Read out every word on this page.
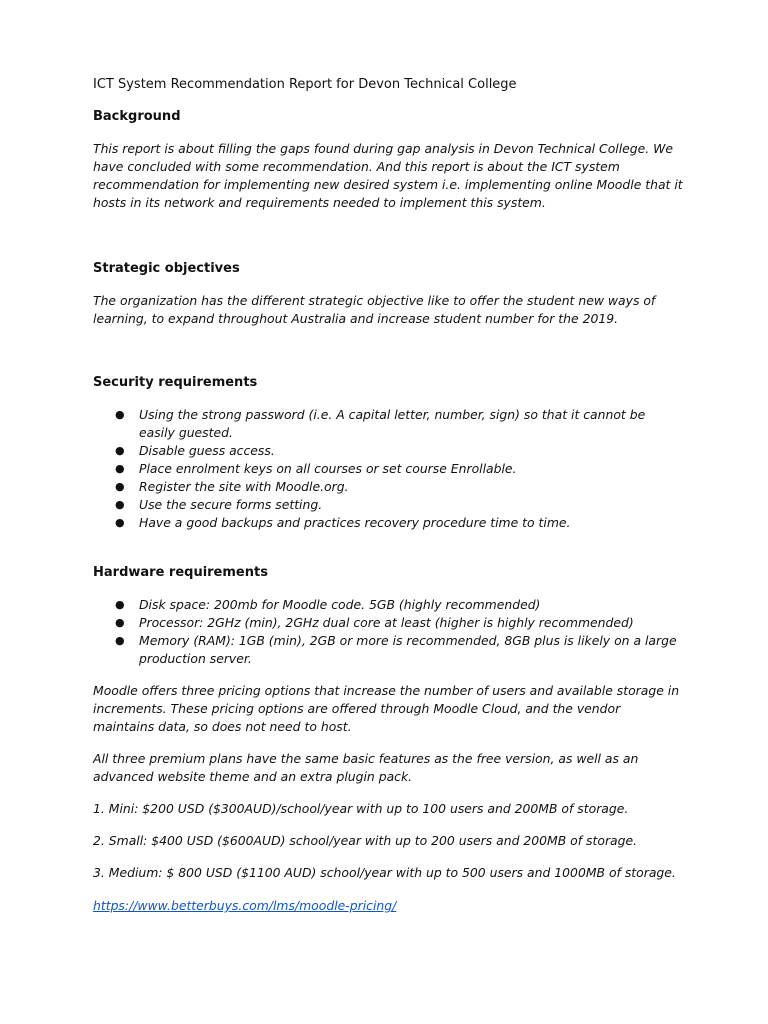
ICT System Recommendation Report for Devon Technical College

Background

This report is about filling the gaps found during gap analysis in Devon Technical College. We have concluded with some recommendation. And this report is about the ICT system recommendation for implementing new desired system i.e. implementing online Moodle that it hosts in its network and requirements needed to implement this system.

Strategic objectives

The organization has the different strategic objective like to offer the student new ways of learning, to expand throughout Australia and increase student number for the 2019.

Security requirements

● Using the strong password (i.e. A capital letter, number, sign) so that it cannot be easily guested.
● Disable guess access.
● Place enrolment keys on all courses or set course Enrollable.
● Register the site with Moodle.org.
● Use the secure forms setting.
● Have a good backups and practices recovery procedure time to time.

Hardware requirements

● Disk space: 200mb for Moodle code. 5GB (highly recommended)
● Processor: 2GHz (min), 2GHz dual core at least (higher is highly recommended)
● Memory (RAM): 1GB (min), 2GB or more is recommended, 8GB plus is likely on a large production server.

Moodle offers three pricing options that increase the number of users and available storage in increments. These pricing options are offered through Moodle Cloud, and the vendor maintains data, so does not need to host.

All three premium plans have the same basic features as the free version, as well as an advanced website theme and an extra plugin pack.

1. Mini: $200 USD ($300AUD)/school/year with up to 100 users and 200MB of storage.

2. Small: $400 USD ($600AUD) school/year with up to 200 users and 200MB of storage.

3. Medium: $ 800 USD ($1100 AUD) school/year with up to 500 users and 1000MB of storage.

https://www.betterbuys.com/lms/moodle-pricing/
